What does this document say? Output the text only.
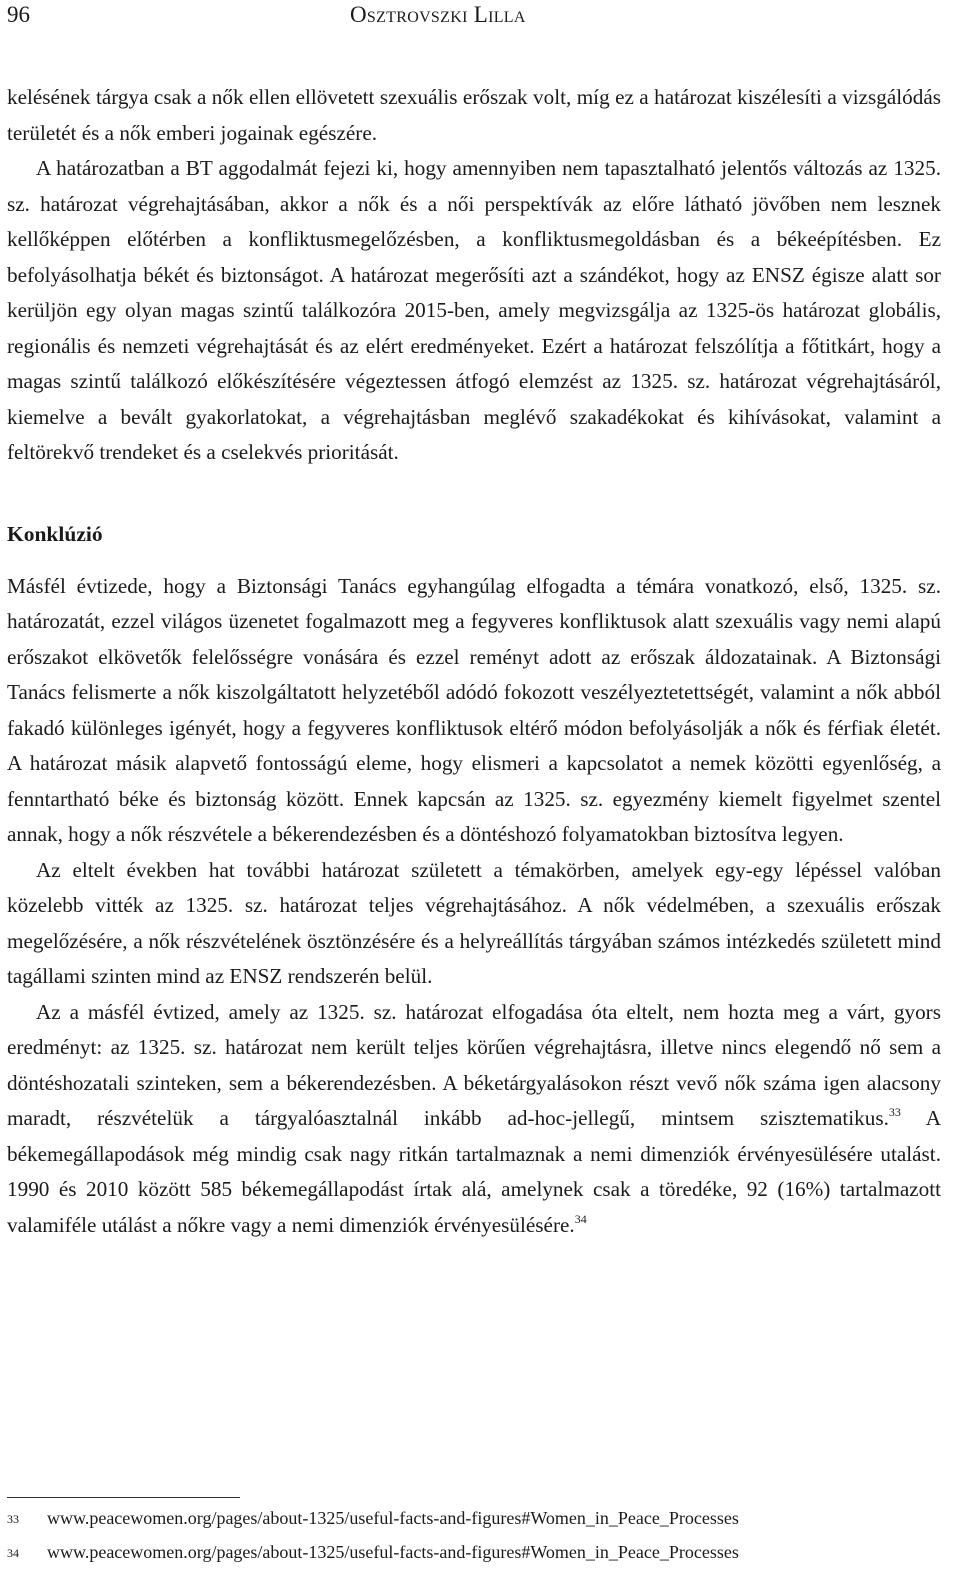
96	Osztrovszki Lilla

kelésének tárgya csak a nők ellen ellövetett szexuális erőszak volt, míg ez a határozat kiszélesíti a vizsgálódás területét és a nők emberi jogainak egészére.

A határozatban a BT aggodalmát fejezi ki, hogy amennyiben nem tapasztalható jelentős változás az 1325. sz. határozat végrehajtásában, akkor a nők és a női perspektívák az előre látható jövőben nem lesznek kellőképpen előtérben a konfliktusmegelőzésben, a konfliktusmegoldásban és a békeépítésben. Ez befolyásolhatja békét és biztonságot. A határozat megerősíti azt a szándékot, hogy az ENSZ égisze alatt sor kerüljön egy olyan magas szintű találkozóra 2015-ben, amely megvizsgálja az 1325-ös határozat globális, regionális és nemzeti végrehajtását és az elért eredményeket. Ezért a határozat felszólítja a főtitkárt, hogy a magas szintű találkozó előkészítésére végeztessen átfogó elemzést az 1325. sz. határozat végrehajtásáról, kiemelve a bevált gyakorlatokat, a végrehajtásban meglévő szakadékokat és kihívásokat, valamint a feltörekvő trendeket és a cselekvés prioritását.

Konklúzió

Másfél évtizede, hogy a Biztonsági Tanács egyhangúlag elfogadta a témára vonatkozó, első, 1325. sz. határozatát, ezzel világos üzenetet fogalmazott meg a fegyveres konfliktusok alatt szexuális vagy nemi alapú erőszakot elkövetők felelősségre vonására és ezzel reményt adott az erőszak áldozatainak. A Biztonsági Tanács felismerte a nők kiszolgáltatott helyzetéből adódó fokozott veszélyeztetettségét, valamint a nők abból fakadó különleges igényét, hogy a fegyveres konfliktusok eltérő módon befolyásolják a nők és férfiak életét. A határozat másik alapvető fontosságú eleme, hogy elismeri a kapcsolatot a nemek közötti egyenlőség, a fenntartható béke és biztonság között. Ennek kapcsán az 1325. sz. egyezmény kiemelt figyelmet szentel annak, hogy a nők részvétele a békerendezésben és a döntéshozó folyamatokban biztosítva legyen.

Az eltelt években hat további határozat született a témakörben, amelyek egy-egy lépéssel valóban közelebb vitték az 1325. sz. határozat teljes végrehajtásához. A nők védelmében, a szexuális erőszak megelőzésére, a nők részvételének ösztönzésére és a helyreállítás tárgyában számos intézkedés született mind tagállami szinten mind az ENSZ rendszerén belül.

Az a másfél évtized, amely az 1325. sz. határozat elfogadása óta eltelt, nem hozta meg a várt, gyors eredményt: az 1325. sz. határozat nem került teljes körűen végrehajtásra, illetve nincs elegendő nő sem a döntéshozatali szinteken, sem a békerendezésben. A béketárgyalásokon részt vevő nők száma igen alacsony maradt, részvételük a tárgyalóasztalnál inkább ad-hoc-jellegű, mintsem szisztematikus.$^{33}$ A békemegállapodások még mindig csak nagy ritkán tartalmaznak a nemi dimenziók érvényesülésére utalást. 1990 és 2010 között 585 békemegállapodást írtak alá, amelynek csak a töredéke, 92 (16%) tartalmazott valamiféle utálást a nőkre vagy a nemi dimenziók érvényesülésére.$^{34}$

33 www.peacewomen.org/pages/about-1325/useful-facts-and-figures#Women_in_Peace_Processes
34 www.peacewomen.org/pages/about-1325/useful-facts-and-figures#Women_in_Peace_Processes
